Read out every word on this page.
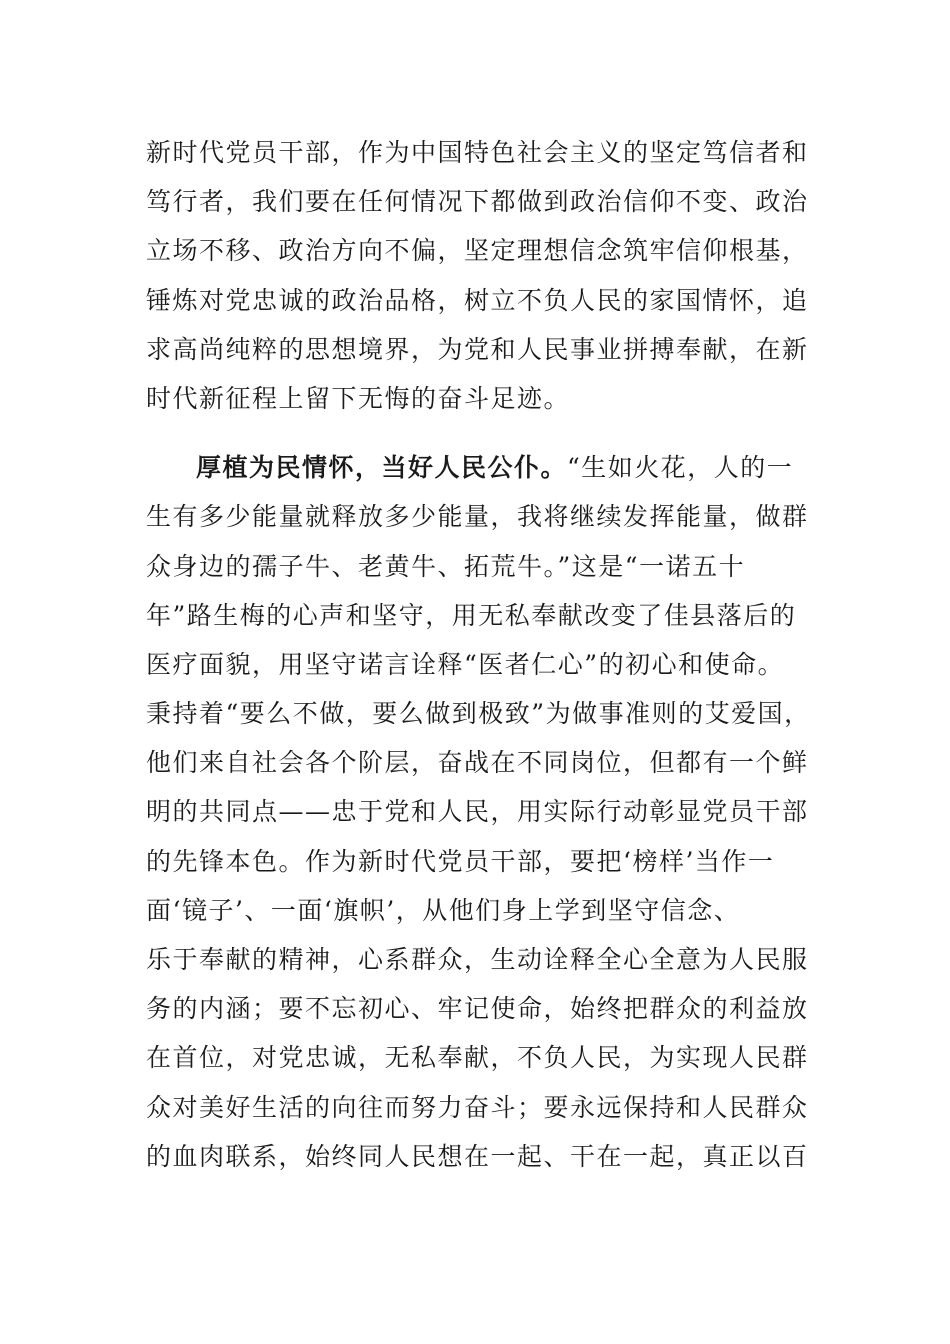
新时代党员干部，作为中国特色社会主义的坚定笃信者和
笃行者，我们要在任何情况下都做到政治信仰不变、政治
立场不移、政治方向不偏，坚定理想信念筑牢信仰根基，
锤炼对党忠诚的政治品格，树立不负人民的家国情怀，追
求高尚纯粹的思想境界，为党和人民事业拼搏奉献，在新
时代新征程上留下无悔的奋斗足迹。
厚植为民情怀，当好人民公仆。“生如火花，人的一
生有多少能量就释放多少能量，我将继续发挥能量，做群
众身边的孺子牛、老黄牛、拓荒牛。”这是“一诺五十
年”路生梅的心声和坚守，用无私奉献改变了佳县落后的
医疗面貌，用坚守诺言诠释“医者仁心”的初心和使命。
秉持着“要么不做，要么做到极致”为做事准则的艾爱国，
他们来自社会各个阶层，奋战在不同岗位，但都有一个鲜
明的共同点——忠于党和人民，用实际行动彰显党员干部
的先锋本色。作为新时代党员干部，要把‘榜样’当作一
面‘镜子’、一面‘旗帜’，从他们身上学到坚守信念、
乐于奉献的精神，心系群众，生动诠释全心全意为人民服
务的内涵；要不忘初心、牢记使命，始终把群众的利益放
在首位，对党忠诚，无私奉献，不负人民，为实现人民群
众对美好生活的向往而努力奋斗；要永远保持和人民群众
的血肉联系，始终同人民想在一起、干在一起，真正以百
